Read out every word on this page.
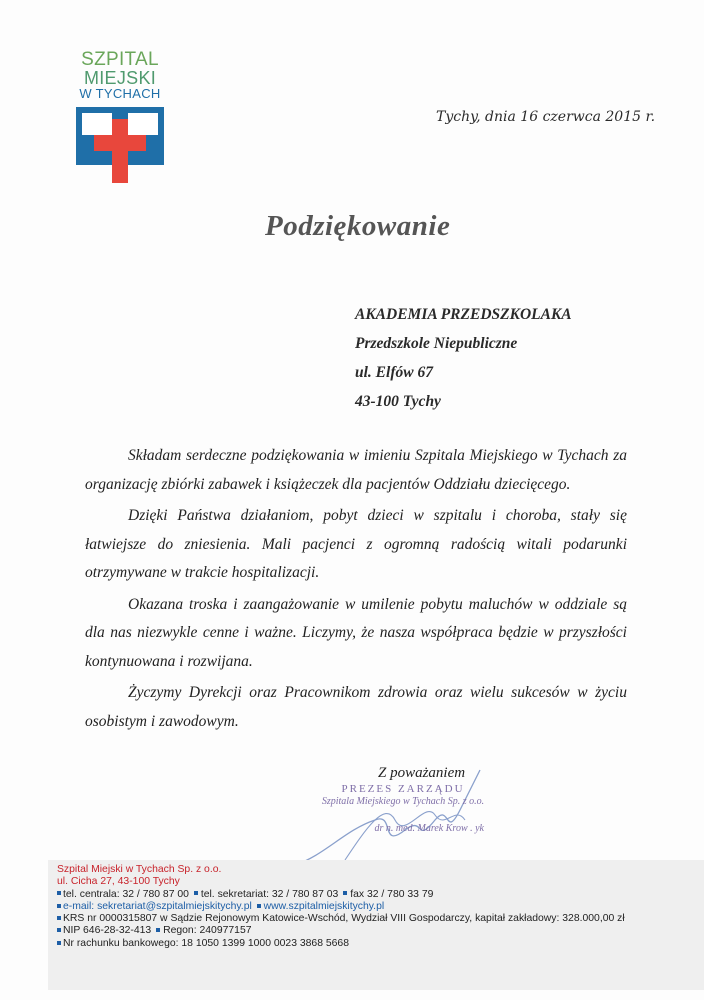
SZPITAL
MIEJSKI
W TYCHACH
Tychy, dnia 16 czerwca 2015 r.
Podziękowanie
AKADEMIA PRZEDSZKOLAKA
Przedszkole Niepubliczne
ul. Elfów 67
43-100 Tychy

Składam serdeczne podziękowania w imieniu Szpitala Miejskiego w Tychach za organizację zbiórki zabawek i książeczek dla pacjentów Oddziału dziecięcego.

Dzięki Państwa działaniom, pobyt dzieci w szpitalu i choroba, stały się łatwiejsze do zniesienia. Mali pacjenci z ogromną radością witali podarunki otrzymywane w trakcie hospitalizacji.

Okazana troska i zaangażowanie w umilenie pobytu maluchów w oddziale są dla nas niezwykle cenne i ważne. Liczymy, że nasza współpraca będzie w przyszłości kontynuowana i rozwijana.

Życzymy Dyrekcji oraz Pracownikom zdrowia oraz wielu sukcesów w życiu osobistym i zawodowym.

Z poważaniem
PREZES ZARZĄDU
Szpitala Miejskiego w Tychach Sp. z o.o.
dr n. med. Marek Krow . yk
Szpital Miejski w Tychach Sp. z o.o.
ul. Cicha 27, 43-100 Tychy
tel. centrala: 32 / 780 87 00 tel. sekretariat: 32 / 780 87 03 fax 32 / 780 33 79
e-mail: sekretariat@szpitalmiejskitychy.pl www.szpitalmiejskitychy.pl
KRS nr 0000315807 w Sądzie Rejonowym Katowice-Wschód, Wydział VIII Gospodarczy, kapitał zakładowy: 328.000,00 zł
NIP 646-28-32-413 Regon: 240977157
Nr rachunku bankowego: 18 1050 1399 1000 0023 3868 5668
